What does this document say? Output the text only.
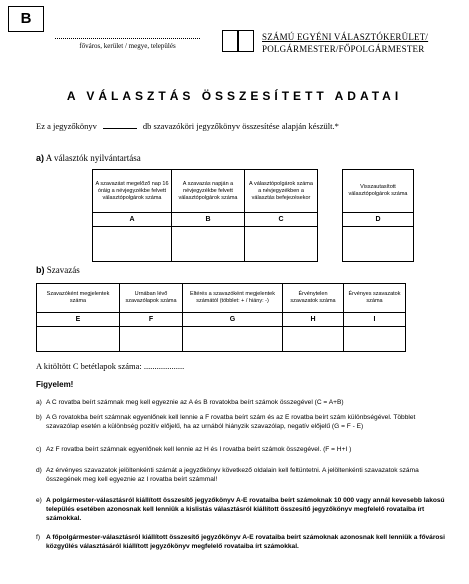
B
főváros, kerület / megye, település
SZÁMÚ EGYÉNI VÁLASZTÓKERÜLET/
POLGÁRMESTER/FŐPOLGÁRMESTER
A VÁLASZTÁS ÖSSZESÍTETT ADATAI
Ez a jegyzőkönyv	db szavazóköri jegyzőkönyv összesítése alapján készült.*
a) A választók nyilvántartása
A szavazást megelőző nap 16 óráig a névjegyzékbe felvett választópolgárok száma	A szavazás napján a névjegyzékbe felvett választópolgárok száma	A választópolgárok száma a névjegyzékben a választás befejezésekor		Visszautasított választópolgárok száma
A	B	C		D

b) Szavazás
Szavazóként megjelentek száma	Urnában lévő szavazólapok száma	Eltérés a szavazóként megjelentek számától (többlet: + / hiány: -)	Érvénytelen szavazatok száma	Érvényes szavazatok száma
E	F	G	H	I

A kitöltött C betétlapok száma: ...................
Figyelem!
a) A C rovatba beírt számnak meg kell egyeznie az A és B rovatokba beírt számok összegével (C = A+B)
b) A G rovatokba beírt számnak egyenlőnek kell lennie a F rovatba beírt szám és az E rovatba beírt szám különbségével. Többlet szavazólap esetén a különbség pozitív előjelű, ha az urnából hiányzik szavazólap, negatív előjelű (G = F - E)
c) Az F rovatba beírt számnak egyenlőnek kell lennie az H és I rovatba beírt számok összegével. (F = H+I )
d) Az érvényes szavazatok jelöltenkénti számát a jegyzőkönyv következő oldalain kell feltüntetni. A jelöltenkénti szavazatok száma összegének meg kell egyeznie az I rovatba beírt számmal!
e) A polgármester-választásról kiállított összesítő jegyzőkönyv A-E rovataiba beírt számoknak 10 000 vagy annál kevesebb lakosú település esetében azonosnak kell lenniük a kislistás választásról kiállított összesítő jegyzőkönyv megfelelő rovataiba írt számokkal.
f) A főpolgármester-választásról kiállított összesítő jegyzőkönyv A-E rovataiba beírt számoknak azonosnak kell lenniük a fővárosi közgyűlés választásáról kiállított jegyzőkönyv megfelelő rovataiba írt számokkal.
